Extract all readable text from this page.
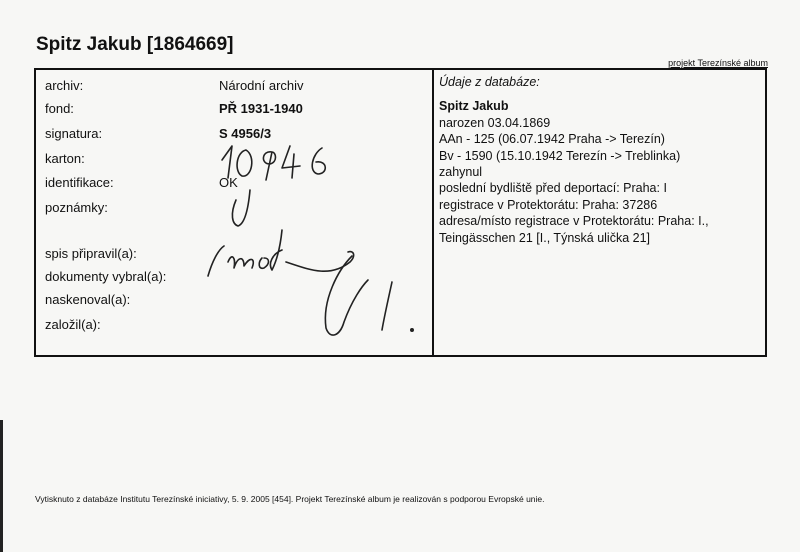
Spitz Jakub [1864669]
projekt Terezínské album
archiv:	Národní archiv
fond:	PŘ 1931-1940
signatura:	S 4956/3
karton:
identifikace:	OK
poznámky:
spis připravil(a):
dokumenty vybral(a):
naskenoval(a):
založil(a):
Údaje z databáze:
Spitz Jakub
narozen 03.04.1869
AAn - 125 (06.07.1942 Praha -> Terezín)
Bv - 1590 (15.10.1942 Terezín -> Treblinka)
zahynul
poslední bydliště před deportací: Praha: I
registrace v Protektorátu: Praha: 37286
adresa/místo registrace v Protektorátu: Praha: I., Teingässchen 21 [I., Týnská ulička 21]
Vytisknuto z databáze Institutu Terezínské iniciativy, 5. 9. 2005 [454]. Projekt Terezínské album je realizován s podporou Evropské unie.
